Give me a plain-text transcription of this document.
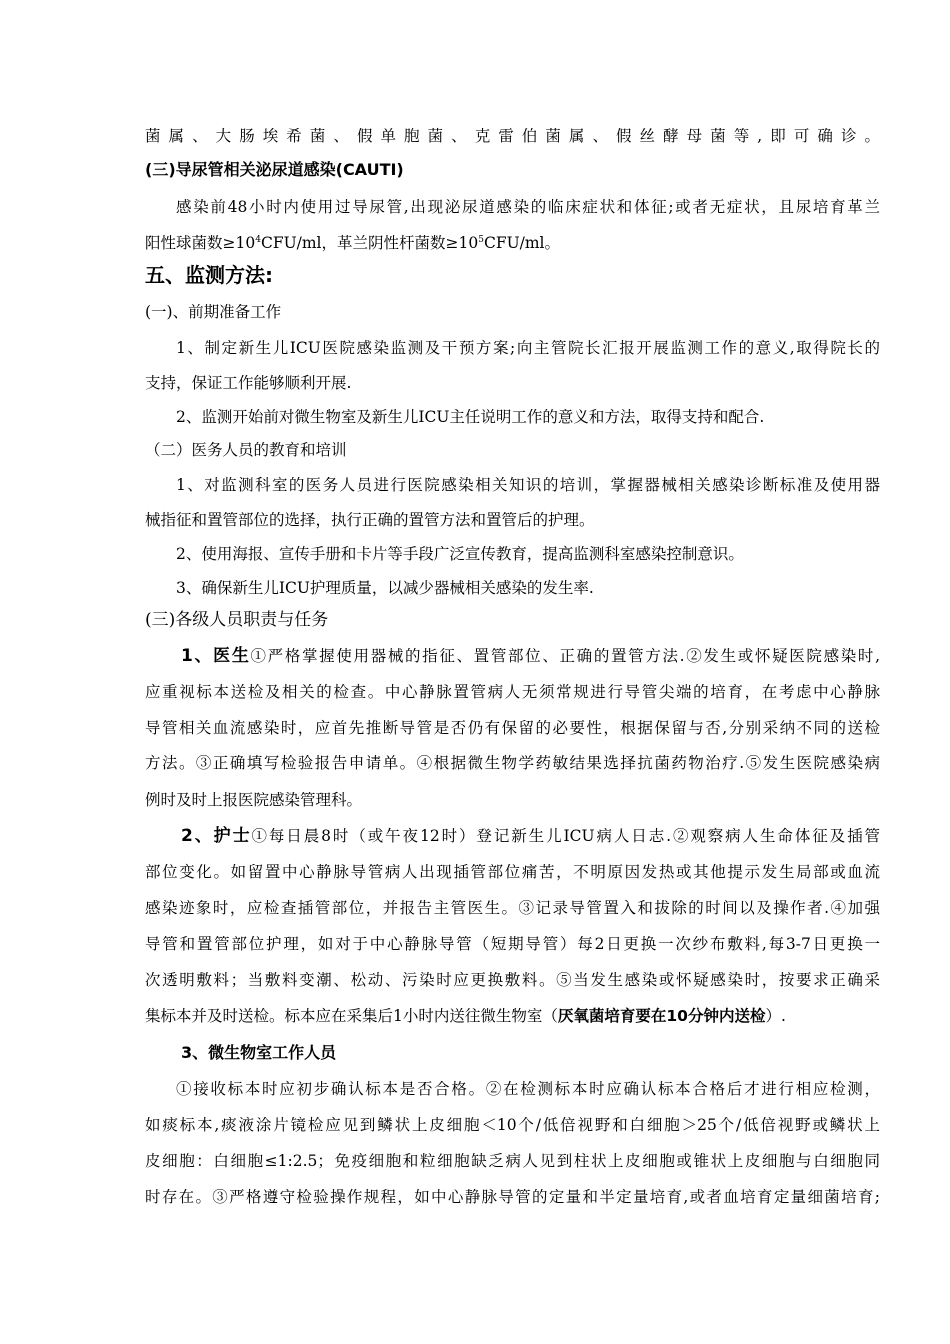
菌属、大肠埃希菌、假单胞菌、克雷伯菌属、假丝酵母菌等,即可确诊。
(三)导尿管相关泌尿道感染(CAUTI)
感染前48小时内使用过导尿管,出现泌尿道感染的临床症状和体征;或者无症状，且尿培育革兰
阳性球菌数$\ge 10^4CFU/ml$，革兰阴性杆菌数$\ge 10^5CFU/ml$。
五、监测方法:
(一)、前期准备工作
1、制定新生儿ICU医院感染监测及干预方案;向主管院长汇报开展监测工作的意义,取得院长的
支持，保证工作能够顺利开展.
2、监测开始前对微生物室及新生儿ICU主任说明工作的意义和方法，取得支持和配合.
（二）医务人员的教育和培训
1、对监测科室的医务人员进行医院感染相关知识的培训，掌握器械相关感染诊断标准及使用器
械指征和置管部位的选择，执行正确的置管方法和置管后的护理。
2、使用海报、宣传手册和卡片等手段广泛宣传教育，提高监测科室感染控制意识。
3、确保新生儿ICU护理质量，以减少器械相关感染的发生率.
(三)各级人员职责与任务
1、医生①严格掌握使用器械的指征、置管部位、正确的置管方法.②发生或怀疑医院感染时,
应重视标本送检及相关的检查。中心静脉置管病人无须常规进行导管尖端的培育，在考虑中心静脉
导管相关血流感染时，应首先推断导管是否仍有保留的必要性，根据保留与否,分别采纳不同的送检
方法。③正确填写检验报告申请单。④根据微生物学药敏结果选择抗菌药物治疗.⑤发生医院感染病
例时及时上报医院感染管理科。
2、护士①每日晨8时（或午夜12时）登记新生儿ICU病人日志.②观察病人生命体征及插管
部位变化。如留置中心静脉导管病人出现插管部位痛苦，不明原因发热或其他提示发生局部或血流
感染迹象时，应检查插管部位，并报告主管医生。③记录导管置入和拔除的时间以及操作者.④加强
导管和置管部位护理，如对于中心静脉导管（短期导管）每2日更换一次纱布敷料,每3-7日更换一
次透明敷料；当敷料变潮、松动、污染时应更换敷料。⑤当发生感染或怀疑感染时，按要求正确采
集标本并及时送检。标本应在采集后1小时内送往微生物室（厌氧菌培育要在10分钟内送检）.
3、微生物室工作人员
①接收标本时应初步确认标本是否合格。②在检测标本时应确认标本合格后才进行相应检测，
如痰标本,痰液涂片镜检应见到鳞状上皮细胞＜10个/低倍视野和白细胞＞25个/低倍视野或鳞状上
皮细胞：白细胞≤1:2.5；免疫细胞和粒细胞缺乏病人见到柱状上皮细胞或锥状上皮细胞与白细胞同
时存在。③严格遵守检验操作规程，如中心静脉导管的定量和半定量培育,或者血培育定量细菌培育;
